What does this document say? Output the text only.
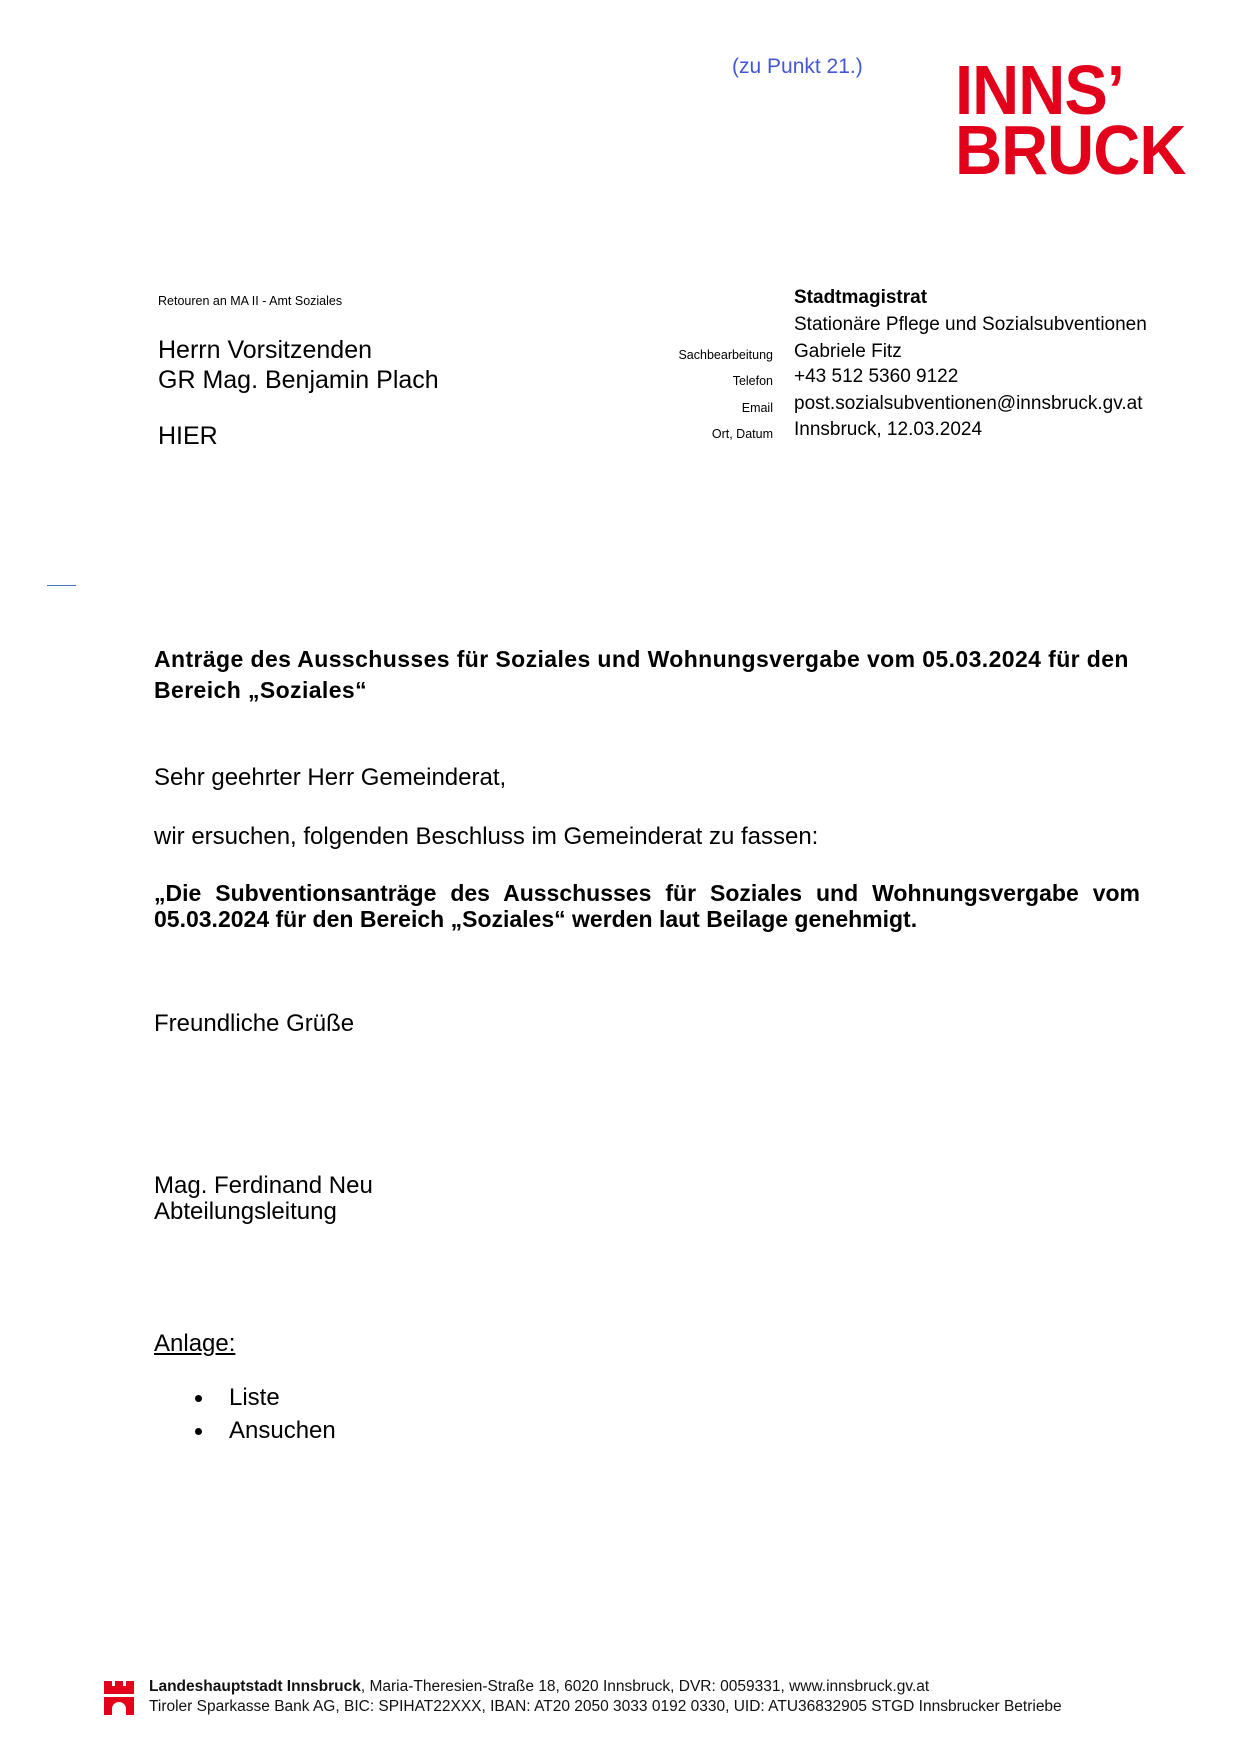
(zu Punkt 21.) INNS’
BRUCK
Retouren an MA II - Amt Soziales
Herrn Vorsitzenden
GR Mag. Benjamin Plach
HIER
Stadtmagistrat
Stationäre Pflege und Sozialsubventionen
Sachbearbeitung Gabriele Fitz
Telefon +43 512 5360 9122
Email post.sozialsubventionen@innsbruck.gv.at
Ort, Datum Innsbruck, 12.03.2024
Anträge des Ausschusses für Soziales und Wohnungsvergabe vom 05.03.2024 für den
Bereich „Soziales“
Sehr geehrter Herr Gemeinderat,
wir ersuchen, folgenden Beschluss im Gemeinderat zu fassen:
„Die Subventionsanträge des Ausschusses für Soziales und Wohnungsvergabe vom
05.03.2024 für den Bereich „Soziales“ werden laut Beilage genehmigt.
Freundliche Grüße
Mag. Ferdinand Neu
Abteilungsleitung
Anlage:
Liste
Ansuchen
Landeshauptstadt Innsbruck, Maria-Theresien-Straße 18, 6020 Innsbruck, DVR: 0059331, www.innsbruck.gv.at
Tiroler Sparkasse Bank AG, BIC: SPIHAT22XXX, IBAN: AT20 2050 3033 0192 0330, UID: ATU36832905 STGD Innsbrucker Betriebe
